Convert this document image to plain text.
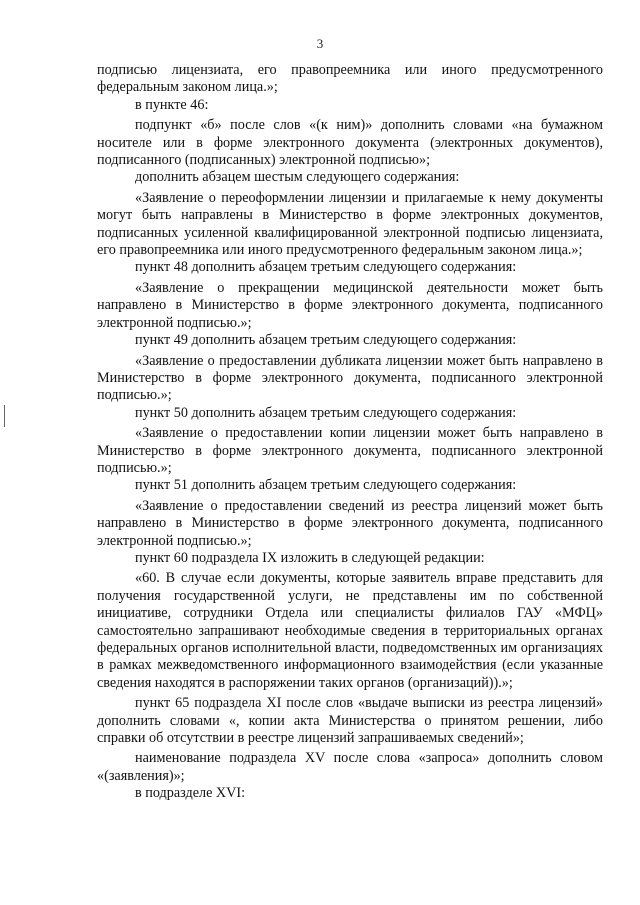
3

подписью лицензиата, его правопреемника или иного предусмотренного федеральным законом лица.»;

в пункте 46:

подпункт «б» после слов «(к ним)» дополнить словами «на бумажном носителе или в форме электронного документа (электронных документов), подписанного (подписанных) электронной подписью»;

дополнить абзацем шестым следующего содержания:

«Заявление о переоформлении лицензии и прилагаемые к нему документы могут быть направлены в Министерство в форме электронных документов, подписанных усиленной квалифицированной электронной подписью лицензиата, его правопреемника или иного предусмотренного федеральным законом лица.»;

пункт 48 дополнить абзацем третьим следующего содержания:

«Заявление о прекращении медицинской деятельности может быть направлено в Министерство в форме электронного документа, подписанного электронной подписью.»;

пункт 49 дополнить абзацем третьим следующего содержания:

«Заявление о предоставлении дубликата лицензии может быть направлено в Министерство в форме электронного документа, подписанного электронной подписью.»;

пункт 50 дополнить абзацем третьим следующего содержания:

«Заявление о предоставлении копии лицензии может быть направлено в Министерство в форме электронного документа, подписанного электронной подписью.»;

пункт 51 дополнить абзацем третьим следующего содержания:

«Заявление о предоставлении сведений из реестра лицензий может быть направлено в Министерство в форме электронного документа, подписанного электронной подписью.»;

пункт 60 подраздела IX изложить в следующей редакции:

«60. В случае если документы, которые заявитель вправе представить для получения государственной услуги, не представлены им по собственной инициативе, сотрудники Отдела или специалисты филиалов ГАУ «МФЦ» самостоятельно запрашивают необходимые сведения в территориальных органах федеральных органов исполнительной власти, подведомственных им организациях в рамках межведомственного информационного взаимодействия (если указанные сведения находятся в распоряжении таких органов (организаций)).»;

пункт 65 подраздела XI после слов «выдаче выписки из реестра лицензий» дополнить словами «, копии акта Министерства о принятом решении, либо справки об отсутствии в реестре лицензий запрашиваемых сведений»;

наименование подраздела XV после слова «запроса» дополнить словом «(заявления)»;

в подразделе XVI:
